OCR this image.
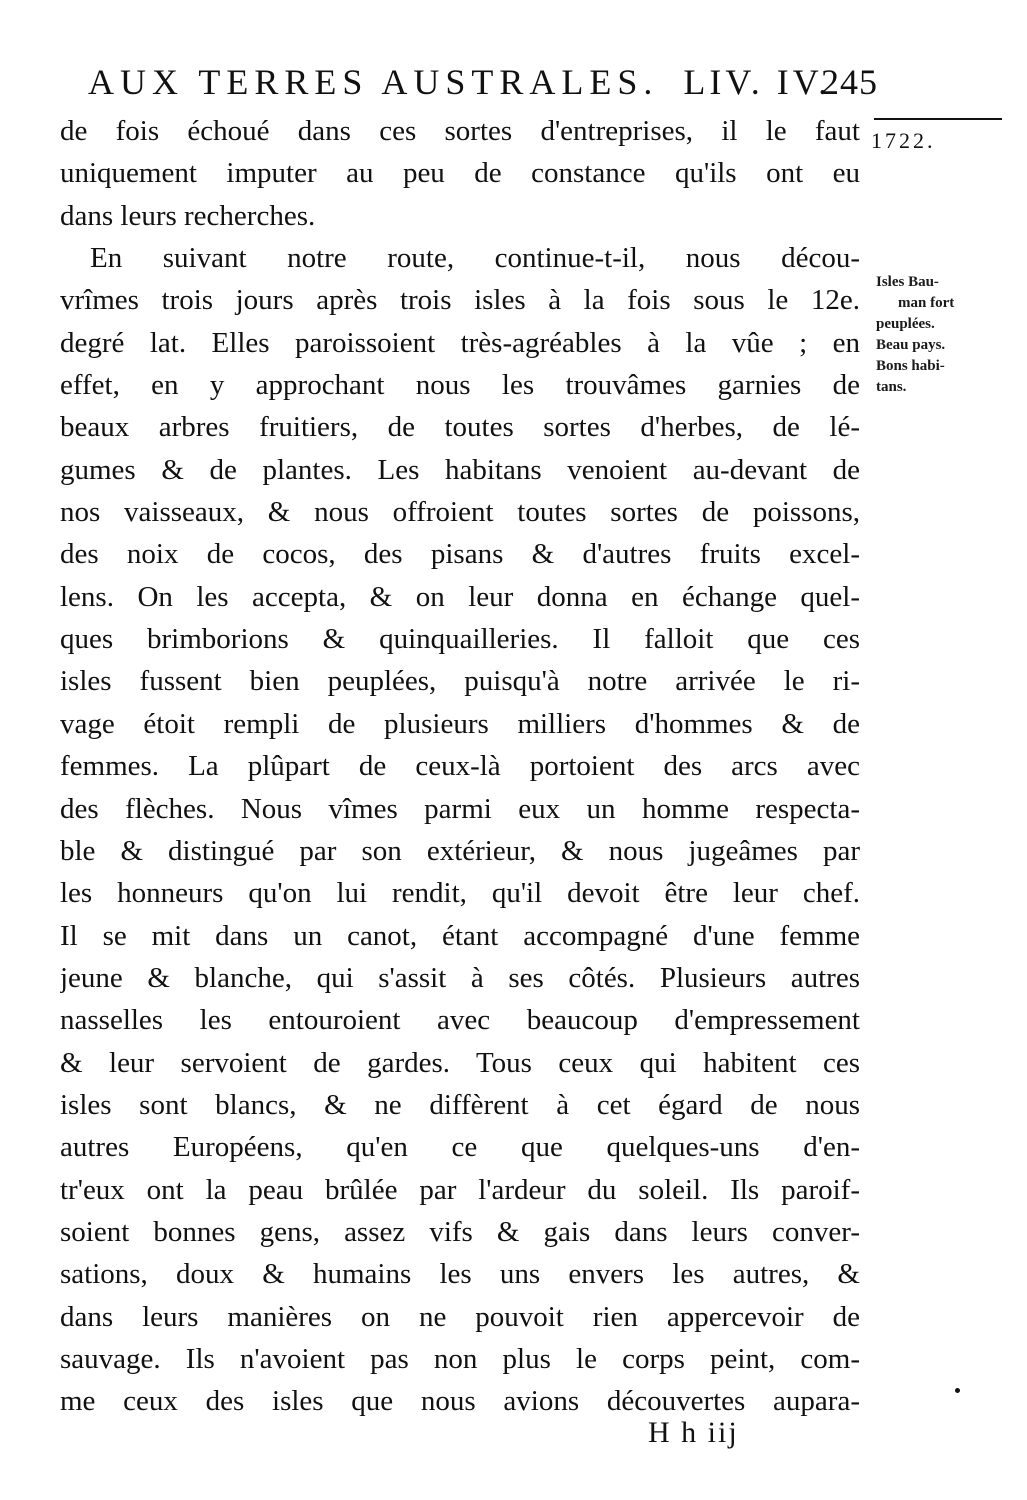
AUX TERRES AUSTRALES. LIV. IV.
245
1722.
de fois échoué dans ces sortes d'entreprises, il le faut
uniquement imputer au peu de constance qu'ils ont eu
dans leurs recherches.
En suivant notre route, continue-t-il, nous décou-
vrîmes trois jours après trois isles à la fois sous le 12e.
degré lat. Elles paroissoient très-agréables à la vûe ; en
effet, en y approchant nous les trouvâmes garnies de
beaux arbres fruitiers, de toutes sortes d'herbes, de lé-
gumes & de plantes. Les habitans venoient au-devant de
nos vaisseaux, & nous offroient toutes sortes de poissons,
des noix de cocos, des pisans & d'autres fruits excel-
lens. On les accepta, & on leur donna en échange quel-
ques brimborions & quinquailleries. Il falloit que ces
isles fussent bien peuplées, puisqu'à notre arrivée le ri-
vage étoit rempli de plusieurs milliers d'hommes & de
femmes. La plûpart de ceux-là portoient des arcs avec
des flèches. Nous vîmes parmi eux un homme respecta-
ble & distingué par son extérieur, & nous jugeâmes par
les honneurs qu'on lui rendit, qu'il devoit être leur chef.
Il se mit dans un canot, étant accompagné d'une femme
jeune & blanche, qui s'assit à ses côtés. Plusieurs autres
nasselles les entouroient avec beaucoup d'empressement
& leur servoient de gardes. Tous ceux qui habitent ces
isles sont blancs, & ne diffèrent à cet égard de nous
autres Européens, qu'en ce que quelques-uns d'en-
tr'eux ont la peau brûlée par l'ardeur du soleil. Ils paroif-
soient bonnes gens, assez vifs & gais dans leurs conver-
sations, doux & humains les uns envers les autres, &
dans leurs manières on ne pouvoit rien appercevoir de
sauvage. Ils n'avoient pas non plus le corps peint, com-
me ceux des isles que nous avions découvertes aupara-
Isles Bau-
man fort
peuplées.
Beau pays.
Bons habi-
tans.
H h iij
